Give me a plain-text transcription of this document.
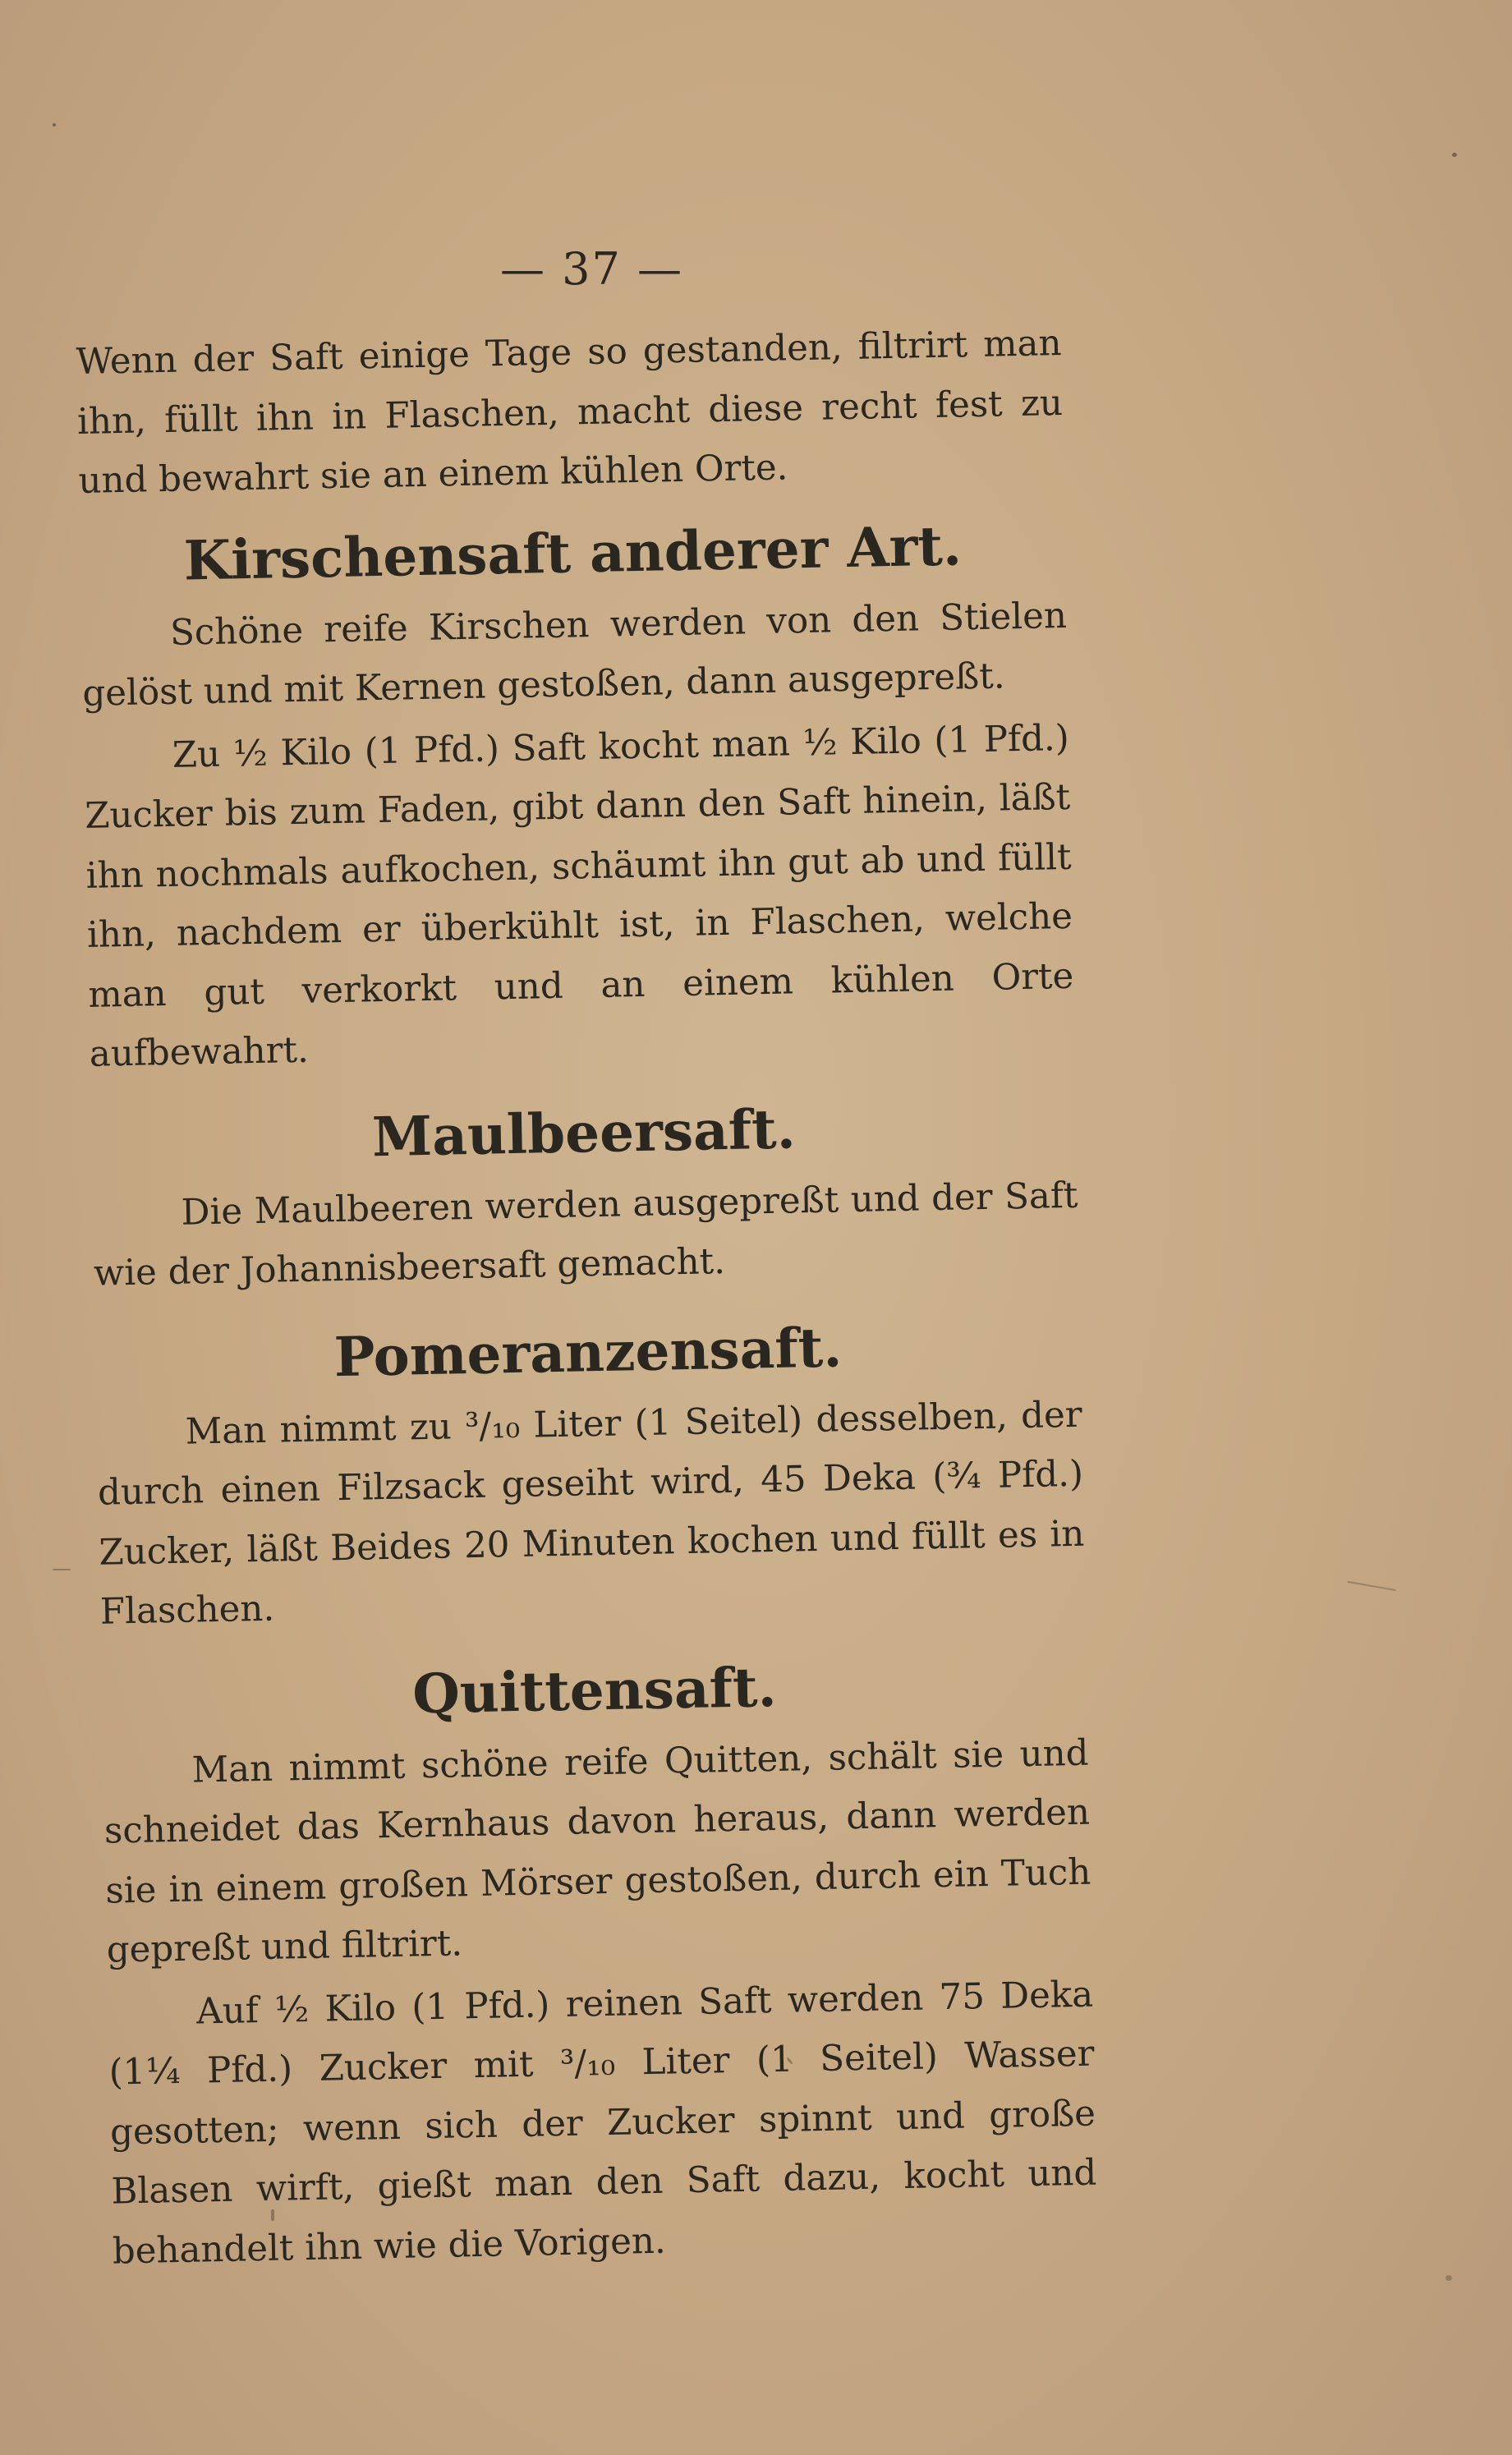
— 37 —

Wenn der Saft einige Tage so gestanden, filtrirt man ihn, füllt ihn in Flaschen, macht diese recht fest zu und bewahrt sie an einem kühlen Orte.

Kirschensaft anderer Art.

Schöne reife Kirschen werden von den Stielen gelöst und mit Kernen gestoßen, dann ausgepreßt.

Zu ½ Kilo (1 Pfd.) Saft kocht man ½ Kilo (1 Pfd.) Zucker bis zum Faden, gibt dann den Saft hinein, läßt ihn nochmals aufkochen, schäumt ihn gut ab und füllt ihn, nachdem er überkühlt ist, in Flaschen, welche man gut verkorkt und an einem kühlen Orte aufbewahrt.

Maulbeersaft.

Die Maulbeeren werden ausgepreßt und der Saft wie der Johannisbeersaft gemacht.

Pomeranzensaft.

Man nimmt zu ³/₁₀ Liter (1 Seitel) desselben, der durch einen Filzsack geseiht wird, 45 Deka (¾ Pfd.) Zucker, läßt Beides 20 Minuten kochen und füllt es in Flaschen.

Quittensaft.

Man nimmt schöne reife Quitten, schält sie und schneidet das Kernhaus davon heraus, dann werden sie in einem großen Mörser gestoßen, durch ein Tuch gepreßt und filtrirt.

Auf ½ Kilo (1 Pfd.) reinen Saft werden 75 Deka (1¼ Pfd.) Zucker mit ³/₁₀ Liter (1 Seitel) Wasser gesotten; wenn sich der Zucker spinnt und große Blasen wirft, gießt man den Saft dazu, kocht und behandelt ihn wie die Vorigen.
